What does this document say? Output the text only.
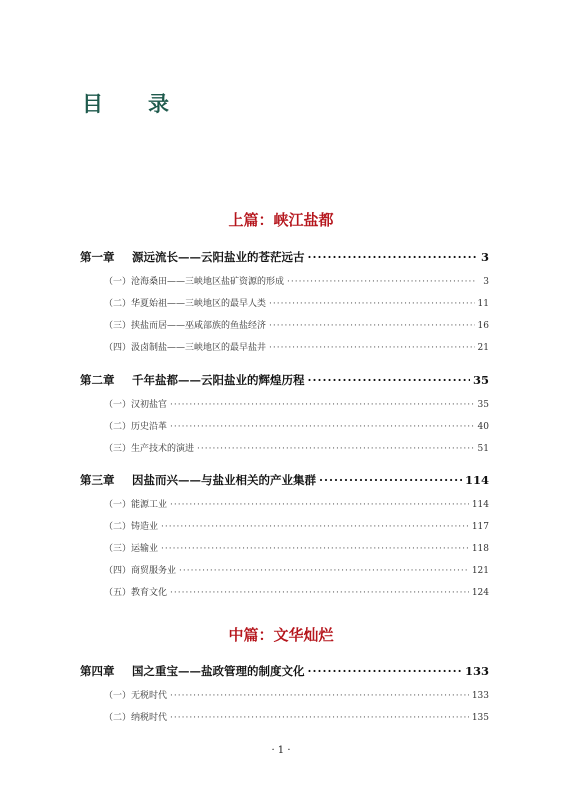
目　录
上篇：峡江盐都
第一章	源远流长——云阳盐业的苍茫远古 ·····	3
（一）沧海桑田——三峡地区盐矿资源的形成 ·····	3
（二）华夏始祖——三峡地区的最早人类 ·····	11
（三）挟盐而居——巫咸部族的鱼盐经济 ·····	16
（四）汲卤制盐——三峡地区的最早盐井 ·····	21
第二章	千年盐都——云阳盐业的辉煌历程 ·····	35
（一）汉初盐官 ·····	35
（二）历史沿革 ·····	40
（三）生产技术的演进 ·····	51
第三章	因盐而兴——与盐业相关的产业集群 ·····	114
（一）能源工业 ·····	114
（二）铸造业 ·····	117
（三）运输业 ·····	118
（四）商贸服务业 ·····	121
（五）教育文化 ·····	124
中篇：文华灿烂
第四章	国之重宝——盐政管理的制度文化 ·····	133
（一）无税时代 ·····	133
（二）纳税时代 ·····	135
· 1 ·
